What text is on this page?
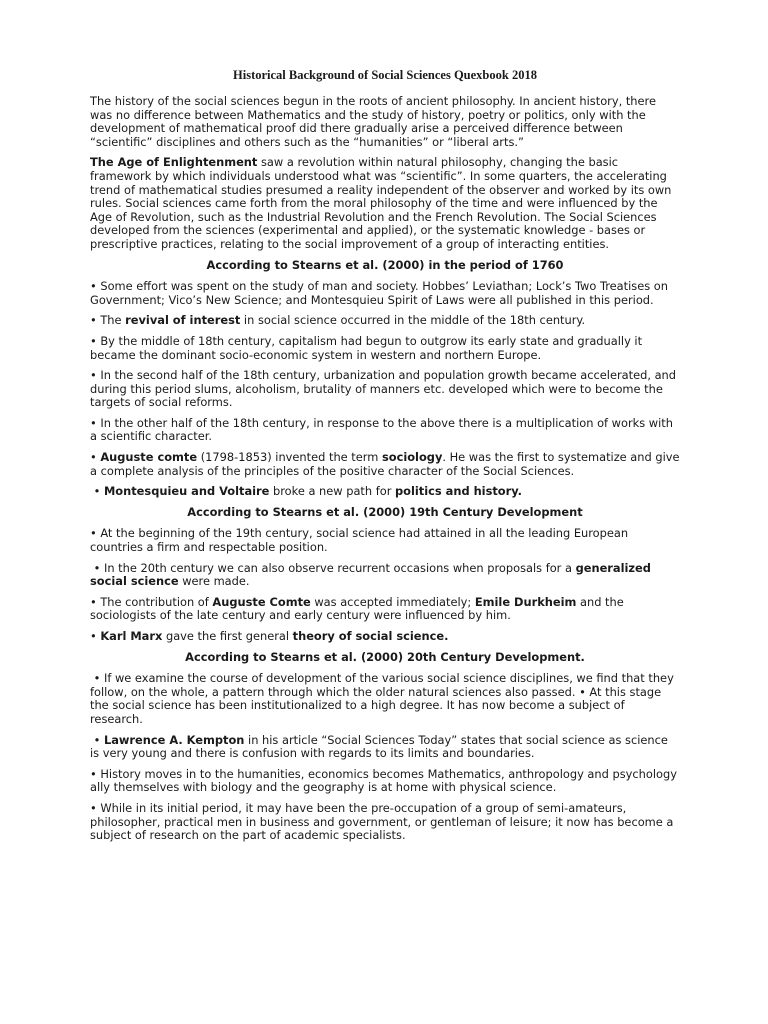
Historical Background of Social Sciences Quexbook 2018

The history of the social sciences begun in the roots of ancient philosophy. In ancient history, there was no difference between Mathematics and the study of history, poetry or politics, only with the development of mathematical proof did there gradually arise a perceived difference between “scientific” disciplines and others such as the “humanities” or “liberal arts.”

The Age of Enlightenment saw a revolution within natural philosophy, changing the basic framework by which individuals understood what was “scientific”. In some quarters, the accelerating trend of mathematical studies presumed a reality independent of the observer and worked by its own rules. Social sciences came forth from the moral philosophy of the time and were influenced by the Age of Revolution, such as the Industrial Revolution and the French Revolution. The Social Sciences developed from the sciences (experimental and applied), or the systematic knowledge - bases or prescriptive practices, relating to the social improvement of a group of interacting entities.

According to Stearns et al. (2000) in the period of 1760

• Some effort was spent on the study of man and society. Hobbes’ Leviathan; Lock’s Two Treatises on Government; Vico’s New Science; and Montesquieu Spirit of Laws were all published in this period.

• The revival of interest in social science occurred in the middle of the 18th century.

• By the middle of 18th century, capitalism had begun to outgrow its early state and gradually it became the dominant socio-economic system in western and northern Europe.

• In the second half of the 18th century, urbanization and population growth became accelerated, and during this period slums, alcoholism, brutality of manners etc. developed which were to become the targets of social reforms.

• In the other half of the 18th century, in response to the above there is a multiplication of works with a scientific character.

• Auguste comte (1798-1853) invented the term sociology. He was the first to systematize and give a complete analysis of the principles of the positive character of the Social Sciences.

• Montesquieu and Voltaire broke a new path for politics and history.

According to Stearns et al. (2000) 19th Century Development

• At the beginning of the 19th century, social science had attained in all the leading European countries a firm and respectable position.

• In the 20th century we can also observe recurrent occasions when proposals for a generalized social science were made.

• The contribution of Auguste Comte was accepted immediately; Emile Durkheim and the sociologists of the late century and early century were influenced by him.

• Karl Marx gave the first general theory of social science.

According to Stearns et al. (2000) 20th Century Development.

• If we examine the course of development of the various social science disciplines, we find that they follow, on the whole, a pattern through which the older natural sciences also passed. • At this stage the social science has been institutionalized to a high degree. It has now become a subject of research.

• Lawrence A. Kempton in his article “Social Sciences Today” states that social science as science is very young and there is confusion with regards to its limits and boundaries.

• History moves in to the humanities, economics becomes Mathematics, anthropology and psychology ally themselves with biology and the geography is at home with physical science.

• While in its initial period, it may have been the pre-occupation of a group of semi-amateurs, philosopher, practical men in business and government, or gentleman of leisure; it now has become a subject of research on the part of academic specialists.
